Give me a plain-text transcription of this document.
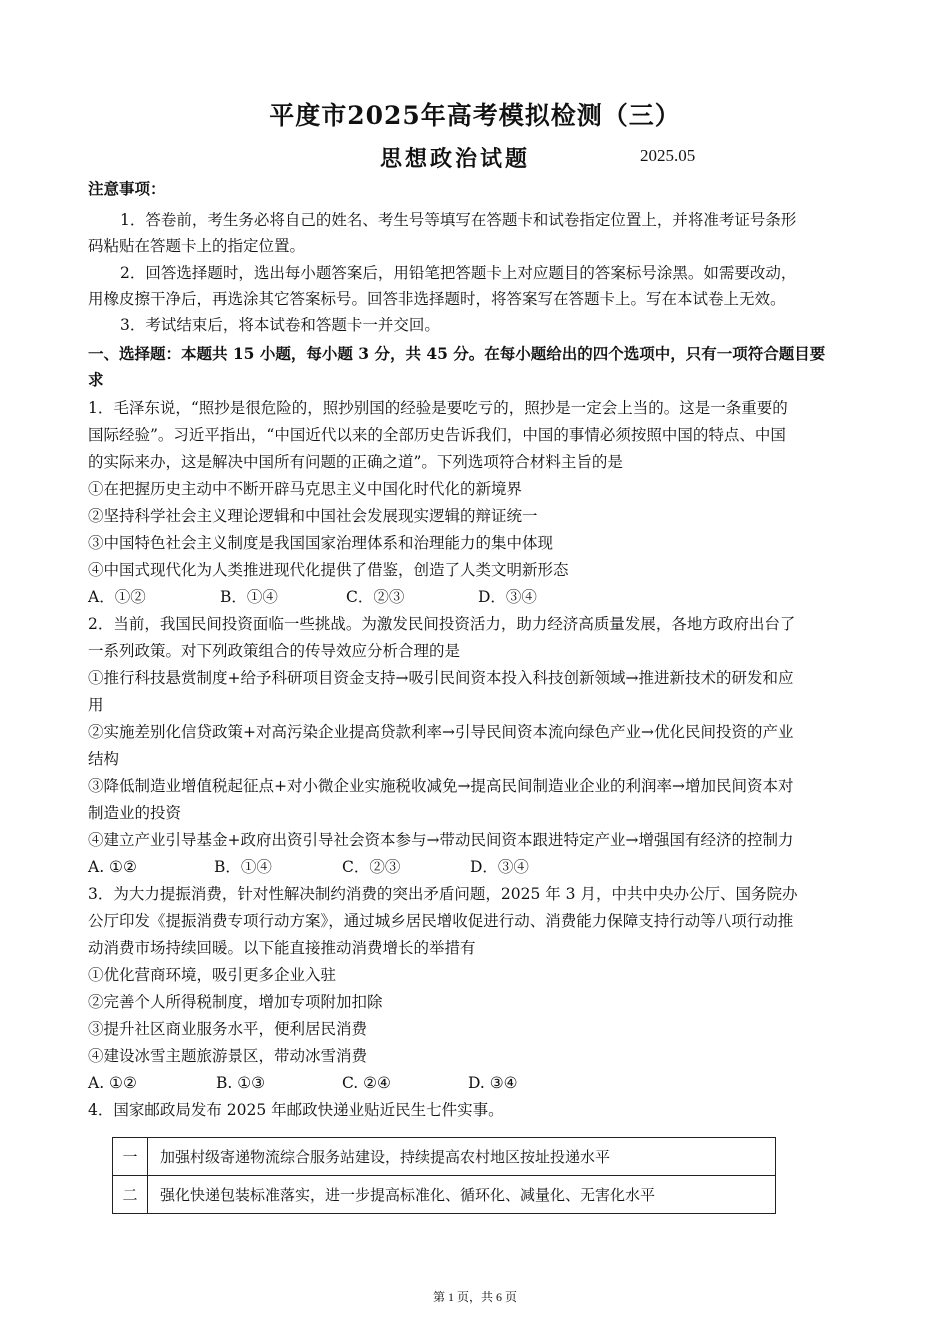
平度市2025年高考模拟检测（三）
思想政治试题	2025.05
注意事项：
1．答卷前，考生务必将自己的姓名、考生号等填写在答题卡和试卷指定位置上，并将准考证号条形
码粘贴在答题卡上的指定位置。
2．回答选择题时，选出每小题答案后，用铅笔把答题卡上对应题目的答案标号涂黑。如需要改动，
用橡皮擦干净后，再选涂其它答案标号。回答非选择题时，将答案写在答题卡上。写在本试卷上无效。
3．考试结束后，将本试卷和答题卡一并交回。
一、选择题：本题共 15 小题，每小题 3 分，共 45 分。在每小题给出的四个选项中，只有一项符合题目要
求
1．毛泽东说，“照抄是很危险的，照抄别国的经验是要吃亏的，照抄是一定会上当的。这是一条重要的
国际经验”。习近平指出，“中国近代以来的全部历史告诉我们，中国的事情必须按照中国的特点、中国
的实际来办，这是解决中国所有问题的正确之道”。下列选项符合材料主旨的是
①在把握历史主动中不断开辟马克思主义中国化时代化的新境界
②坚持科学社会主义理论逻辑和中国社会发展现实逻辑的辩证统一
③中国特色社会主义制度是我国国家治理体系和治理能力的集中体现
④中国式现代化为人类推进现代化提供了借鉴，创造了人类文明新形态
A．①②	B．①④	C．②③	D．③④
2．当前，我国民间投资面临一些挑战。为激发民间投资活力，助力经济高质量发展，各地方政府出台了
一系列政策。对下列政策组合的传导效应分析合理的是
①推行科技悬赏制度+给予科研项目资金支持→吸引民间资本投入科技创新领域→推进新技术的研发和应
用
②实施差别化信贷政策+对高污染企业提高贷款利率→引导民间资本流向绿色产业→优化民间投资的产业
结构
③降低制造业增值税起征点+对小微企业实施税收减免→提高民间制造业企业的利润率→增加民间资本对
制造业的投资
④建立产业引导基金+政府出资引导社会资本参与→带动民间资本跟进特定产业→增强国有经济的控制力
A. ①②	B．①④	C．②③	D．③④
3．为大力提振消费，针对性解决制约消费的突出矛盾问题，2025 年 3 月，中共中央办公厅、国务院办
公厅印发《提振消费专项行动方案》，通过城乡居民增收促进行动、消费能力保障支持行动等八项行动推
动消费市场持续回暖。以下能直接推动消费增长的举措有
①优化营商环境，吸引更多企业入驻
②完善个人所得税制度，增加专项附加扣除
③提升社区商业服务水平，便利居民消费
④建设冰雪主题旅游景区，带动冰雪消费
A. ①②	B. ①③	C. ②④	D. ③④
4．国家邮政局发布 2025 年邮政快递业贴近民生七件实事。
一	加强村级寄递物流综合服务站建设，持续提高农村地区按址投递水平
二	强化快递包装标准落实，进一步提高标准化、循环化、减量化、无害化水平
第 1 页，共 6 页
